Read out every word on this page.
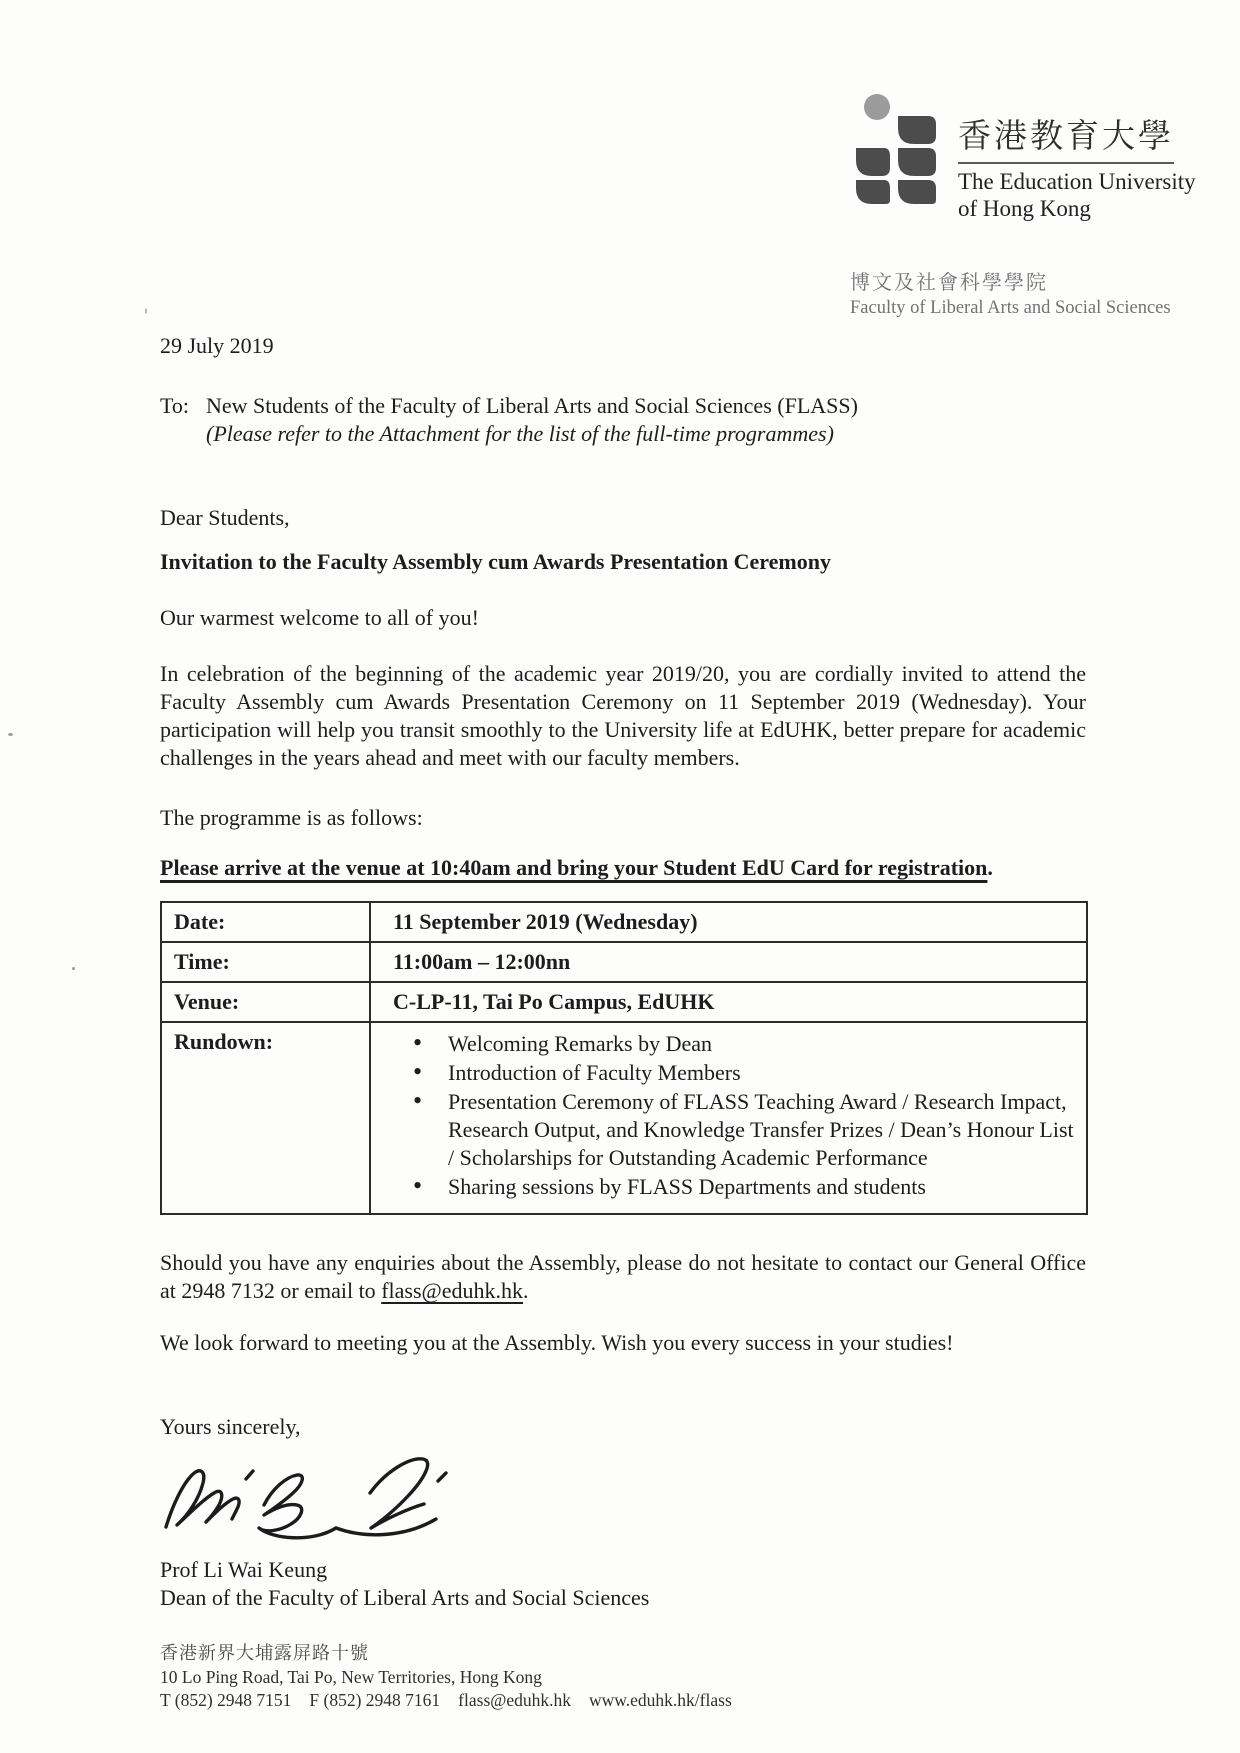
香港教育大學
The Education University
of Hong Kong
博文及社會科學學院
Faculty of Liberal Arts and Social Sciences
29 July 2019
To: New Students of the Faculty of Liberal Arts and Social Sciences (FLASS)
(Please refer to the Attachment for the list of the full-time programmes)
Dear Students,
Invitation to the Faculty Assembly cum Awards Presentation Ceremony
Our warmest welcome to all of you!
In celebration of the beginning of the academic year 2019/20, you are cordially invited to attend the Faculty Assembly cum Awards Presentation Ceremony on 11 September 2019 (Wednesday). Your participation will help you transit smoothly to the University life at EdUHK, better prepare for academic challenges in the years ahead and meet with our faculty members.
The programme is as follows:
Please arrive at the venue at 10:40am and bring your Student EdU Card for registration.
Date:	11 September 2019 (Wednesday)
Time:	11:00am – 12:00nn
Venue:	C-LP-11, Tai Po Campus, EdUHK
Rundown:	
•Welcoming Remarks by Dean
• Introduction of Faculty Members
• Presentation Ceremony of FLASS Teaching Award / Research Impact, Research Output, and Knowledge Transfer Prizes / Dean’s Honour List / Scholarships for Outstanding Academic Performance
• Sharing sessions by FLASS Departments and students
Should you have any enquiries about the Assembly, please do not hesitate to contact our General Office at 2948 7132 or email to flass@eduhk.hk.
We look forward to meeting you at the Assembly. Wish you every success in your studies!
Yours sincerely,
Prof Li Wai Keung
Dean of the Faculty of Liberal Arts and Social Sciences
香港新界大埔露屏路十號
10 Lo Ping Road, Tai Po, New Territories, Hong Kong
T (852) 2948 7151 F (852) 2948 7161 flass@eduhk.hk www.eduhk.hk/flass
